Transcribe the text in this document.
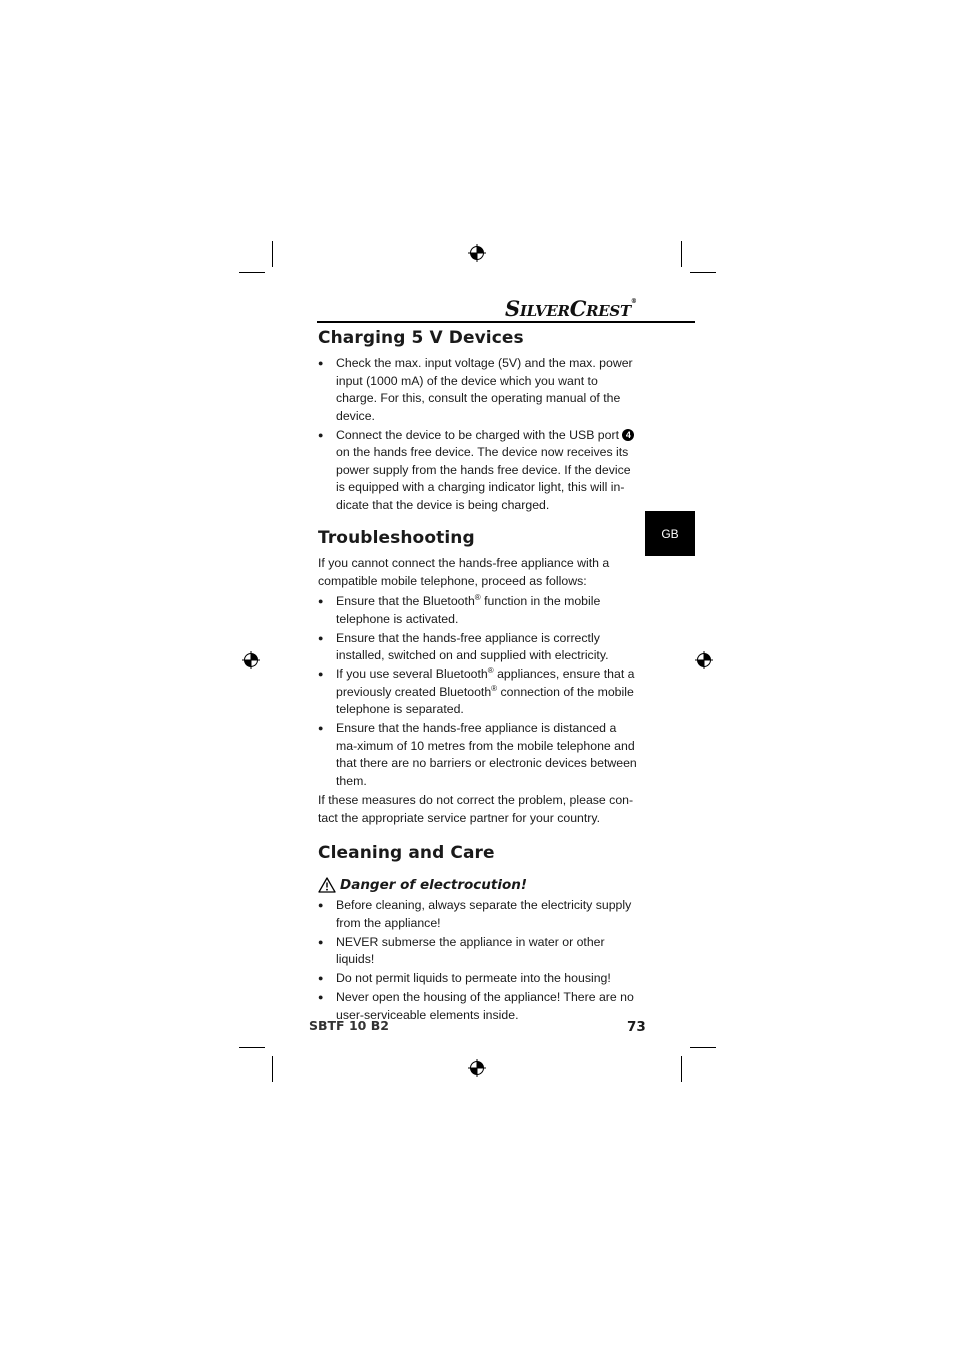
SILVERCREST®
GB
Charging 5 V Devices
● Check the max. input voltage (5V) and the max. power input (1000 mA) of the device which you want to charge. For this, consult the operating manual of the device.
● Connect the device to be charged with the USB port 4 on the hands free device. The device now receives its power supply from the hands free device. If the device is equipped with a charging indicator light, this will in-dicate that the device is being charged.
Troubleshooting

If you cannot connect the hands-free appliance with a compatible mobile telephone, proceed as follows:

● Ensure that the Bluetooth® function in the mobile telephone is activated.
● Ensure that the hands-free appliance is correctly installed, switched on and supplied with electricity.
● If you use several Bluetooth® appliances, ensure that a previously created Bluetooth® connection of the mobile telephone is separated.
● Ensure that the hands-free appliance is distanced a ma-ximum of 10 metres from the mobile telephone and that there are no barriers or electronic devices between them.

If these measures do not correct the problem, please con-tact the appropriate service partner for your country.

Cleaning and Care
Danger of electrocution!
● Before cleaning, always separate the electricity supply from the appliance!
● NEVER submerse the appliance in water or other liquids!
● Do not permit liquids to permeate into the housing!
● Never open the housing of the appliance! There are no user-serviceable elements inside.
SBTF 10 B2	73
